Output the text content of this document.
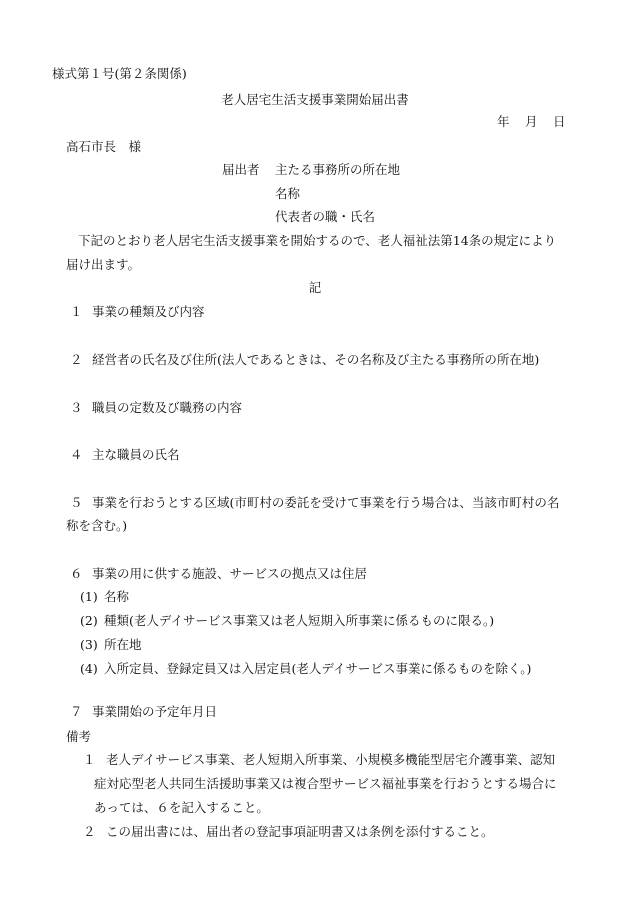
様式第１号(第２条関係)
老人居宅生活支援事業開始届出書
年 月 日
高石市長　様
届出者 主たる事務所の所在地
名称
代表者の職・氏名
下記のとおり老人居宅生活支援事業を開始するので、老人福祉法第14条の規定により
届け出ます。
記
１ 事業の種類及び内容
２ 経営者の氏名及び住所(法人であるときは、その名称及び主たる事務所の所在地)
３ 職員の定数及び職務の内容
４ 主な職員の氏名
５ 事業を行おうとする区域(市町村の委託を受けて事業を行う場合は、当該市町村の名
称を含む。)
６ 事業の用に供する施設、サービスの拠点又は住居
(1) 名称
(2) 種類(老人デイサービス事業又は老人短期入所事業に係るものに限る。)
(3) 所在地
(4) 入所定員、登録定員又は入居定員(老人デイサービス事業に係るものを除く。)
７ 事業開始の予定年月日
備考
１ 老人デイサービス事業、老人短期入所事業、小規模多機能型居宅介護事業、認知
症対応型老人共同生活援助事業又は複合型サービス福祉事業を行おうとする場合に
あっては、６を記入すること。
２ この届出書には、届出者の登記事項証明書又は条例を添付すること。
